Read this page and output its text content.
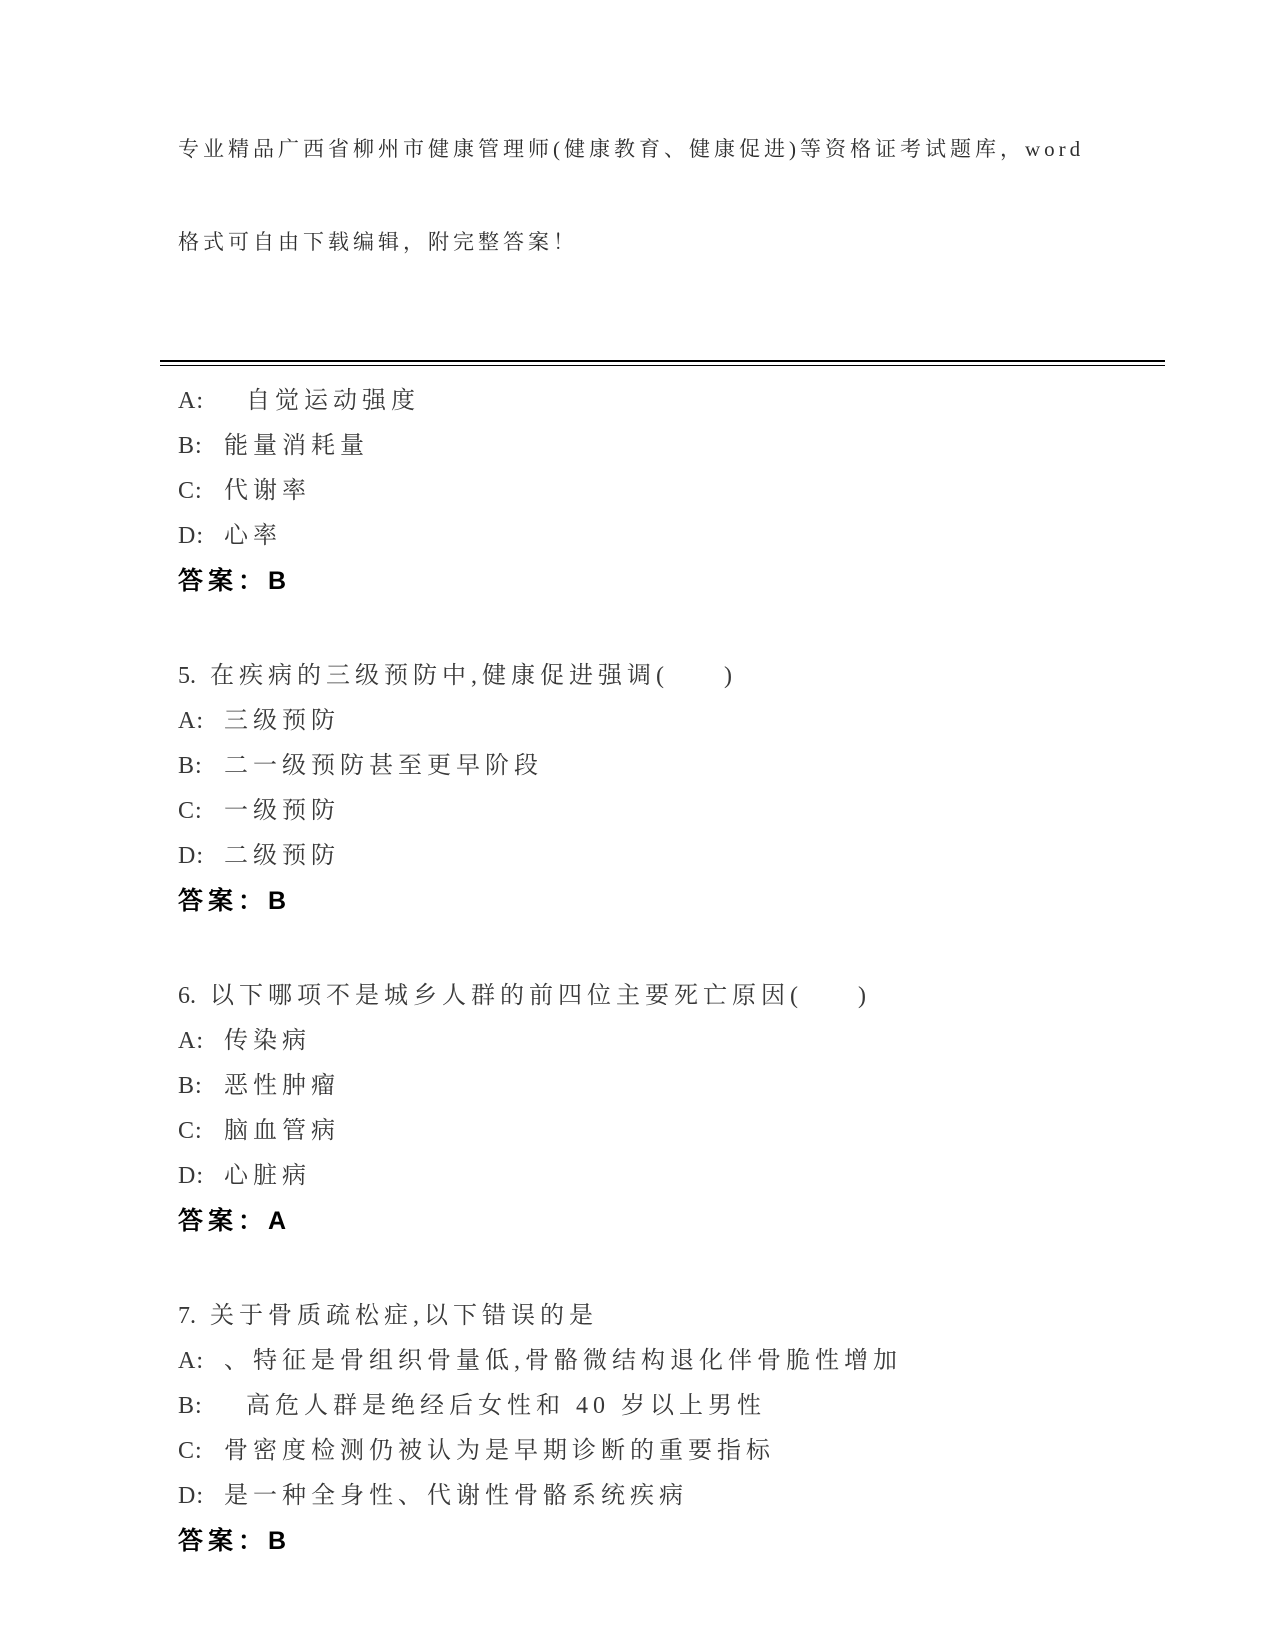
专业精品广西省柳州市健康管理师(健康教育、健康促进)等资格证考试题库，word

格式可自由下载编辑，附完整答案！

A:  自觉运动强度
B: 能量消耗量
C: 代谢率
D: 心率
答案：B
5. 在疾病的三级预防中,健康促进强调(     )
A: 三级预防
B: 二一级预防甚至更早阶段
C: 一级预防
D: 二级预防
答案：B
6. 以下哪项不是城乡人群的前四位主要死亡原因(     )
A: 传染病
B: 恶性肿瘤
C: 脑血管病
D: 心脏病
答案：A
7. 关于骨质疏松症,以下错误的是
A: 、特征是骨组织骨量低,骨骼微结构退化伴骨脆性增加
B:  高危人群是绝经后女性和 40 岁以上男性
C: 骨密度检测仍被认为是早期诊断的重要指标
D: 是一种全身性、代谢性骨骼系统疾病
答案：B
